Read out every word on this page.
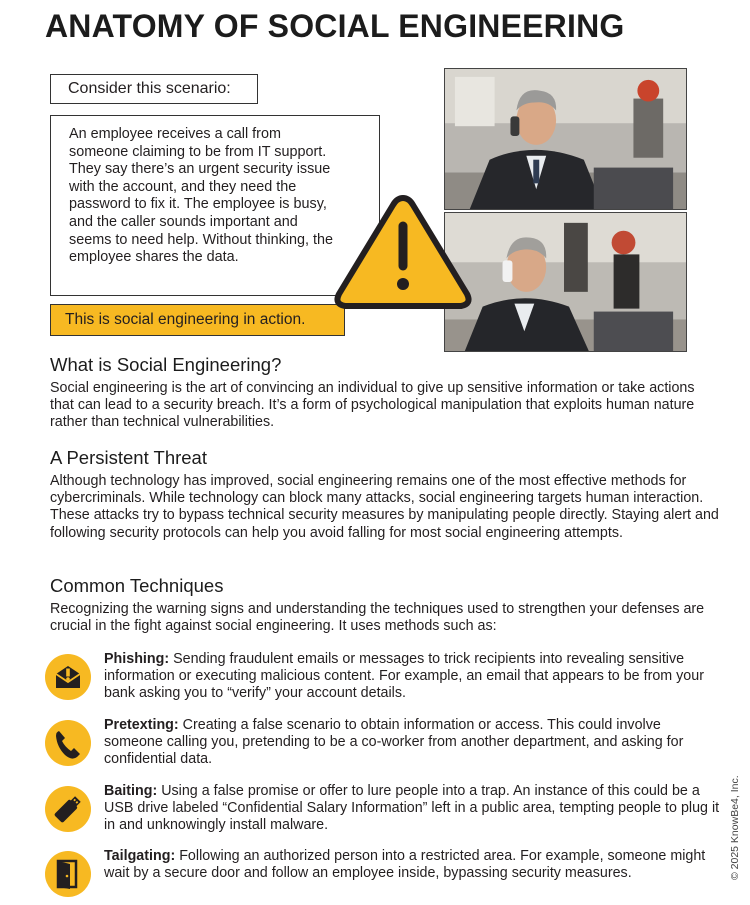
ANATOMY OF SOCIAL ENGINEERING
Consider this scenario:
An employee receives a call from someone claiming to be from IT support. They say there’s an urgent security issue with the account, and they need the password to fix it. The employee is busy, and the caller sounds important and seems to need help. Without thinking, the employee shares the data.
This is social engineering in action.
What is Social Engineering?

Social engineering is the art of convincing an individual to give up sensitive information or take actions that can lead to a security breach. It’s a form of psychological manipulation that exploits human nature rather than technical vulnerabilities.

A Persistent Threat

Although technology has improved, social engineering remains one of the most effective methods for cybercriminals. While technology can block many attacks, social engineering targets human interaction. These attacks try to bypass technical security measures by manipulating people directly. Staying alert and following security protocols can help you avoid falling for most social engineering attempts.

Common Techniques

Recognizing the warning signs and understanding the techniques used to strengthen your defenses are crucial in the fight against social engineering. It uses methods such as:

Phishing: Sending fraudulent emails or messages to trick recipients into revealing sensitive information or executing malicious content. For example, an email that appears to be from your bank asking you to “verify” your account details.
Pretexting: Creating a false scenario to obtain information or access. This could involve someone calling you, pretending to be a co-worker from another department, and asking for confidential data.
Baiting: Using a false promise or offer to lure people into a trap. An instance of this could be a USB drive labeled “Confidential Salary Information” left in a public area, tempting people to plug it in and unknowingly install malware.
Tailgating: Following an authorized person into a restricted area. For example, someone might wait by a secure door and follow an employee inside, bypassing security measures.	© 2025 KnowBe4, Inc.
